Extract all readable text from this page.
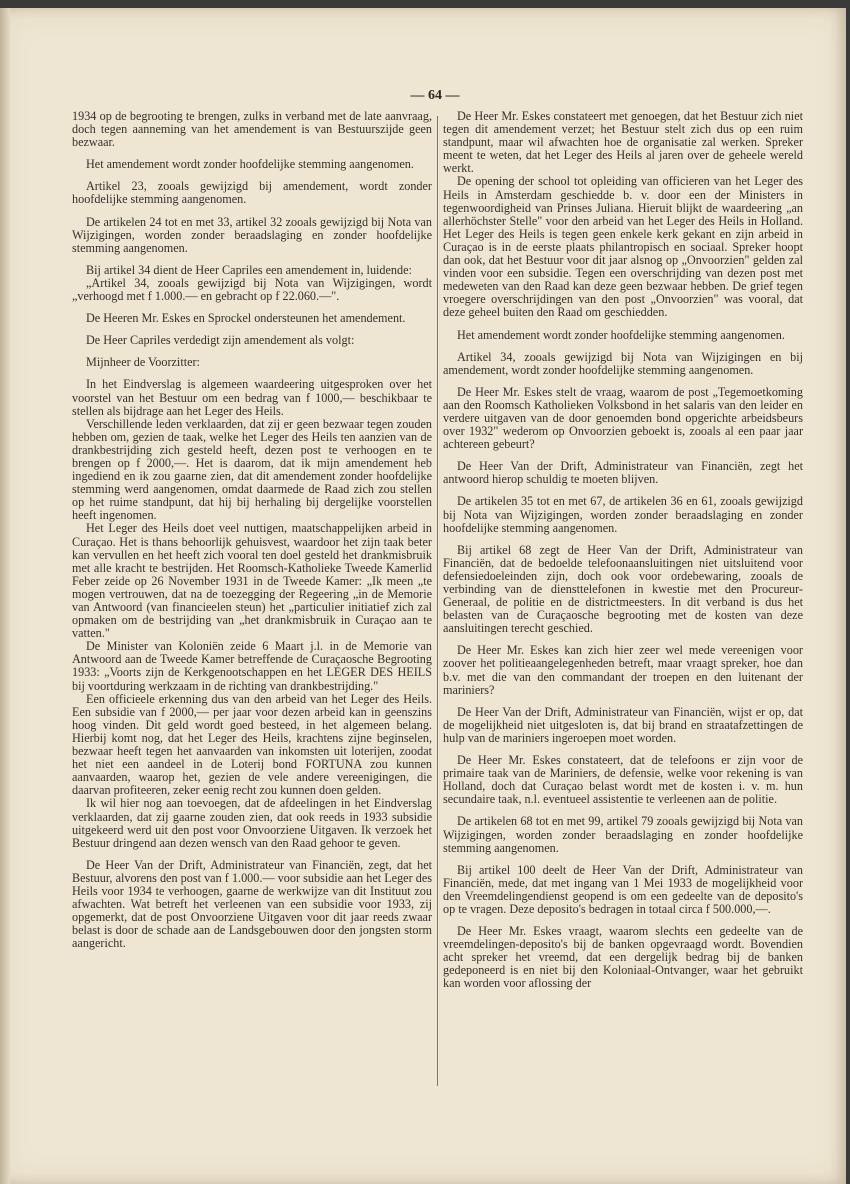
— 64 —

1934 op de begrooting te brengen, zulks in verband met de late aanvraag, doch tegen aanneming van het amendement is van Bestuurszijde geen bezwaar.

Het amendement wordt zonder hoofdelijke stemming aangenomen.

Artikel 23, zooals gewijzigd bij amendement, wordt zonder hoofdelijke stemming aangenomen.

De artikelen 24 tot en met 33, artikel 32 zooals gewijzigd bij Nota van Wijzigingen, worden zonder beraadslaging en zonder hoofdelijke stemming aangenomen.

Bij artikel 34 dient de Heer Capriles een amendement in, luidende:

„Artikel 34, zooals gewijzigd bij Nota van Wijzigingen, wordt „verhoogd met f 1.000.— en gebracht op f 22.060.—".

De Heeren Mr. Eskes en Sprockel ondersteunen het amendement.

De Heer Capriles verdedigt zijn amendement als volgt:

Mijnheer de Voorzitter:

In het Eindverslag is algemeen waardeering uitgesproken over het voorstel van het Bestuur om een bedrag van f 1000,— beschikbaar te stellen als bijdrage aan het Leger des Heils.

Verschillende leden verklaarden, dat zij er geen bezwaar tegen zouden hebben om, gezien de taak, welke het Leger des Heils ten aanzien van de drankbestrijding zich gesteld heeft, dezen post te verhoogen en te brengen op f 2000,—. Het is daarom, dat ik mijn amendement heb ingediend en ik zou gaarne zien, dat dit amendement zonder hoofdelijke stemming werd aangenomen, omdat daarmede de Raad zich zou stellen op het ruime standpunt, dat hij bij herhaling bij dergelijke voorstellen heeft ingenomen.

Het Leger des Heils doet veel nuttigen, maatschappelijken arbeid in Curaçao. Het is thans behoorlijk gehuisvest, waardoor het zijn taak beter kan vervullen en het heeft zich vooral ten doel gesteld het drankmisbruik met alle kracht te bestrijden. Het Roomsch-Katholieke Tweede Kamerlid Feber zeide op 26 November 1931 in de Tweede Kamer: „Ik meen „te mogen vertrouwen, dat na de toezegging der Regeering „in de Memorie van Antwoord (van financieelen steun) het „particulier initiatief zich zal opmaken om de bestrijding van „het drankmisbruik in Curaçao aan te vatten."

De Minister van Koloniën zeide 6 Maart j.l. in de Memorie van Antwoord aan de Tweede Kamer betreffende de Curaçaosche Begrooting 1933: „Voorts zijn de Kerkgenootschappen en het LEGER DES HEILS bij voortduring werkzaam in de richting van drankbestrijding."

Een officieele erkenning dus van den arbeid van het Leger des Heils. Een subsidie van f 2000,— per jaar voor dezen arbeid kan in geenszins hoog vinden. Dit geld wordt goed besteed, in het algemeen belang. Hierbij komt nog, dat het Leger des Heils, krachtens zijne beginselen, bezwaar heeft tegen het aanvaarden van inkomsten uit loterijen, zoodat het niet een aandeel in de Loterij bond FORTUNA zou kunnen aanvaarden, waarop het, gezien de vele andere vereenigingen, die daarvan profiteeren, zeker eenig recht zou kunnen doen gelden.

Ik wil hier nog aan toevoegen, dat de afdeelingen in het Eindverslag verklaarden, dat zij gaarne zouden zien, dat ook reeds in 1933 subsidie uitgekeerd werd uit den post voor Onvoorziene Uitgaven. Ik verzoek het Bestuur dringend aan dezen wensch van den Raad gehoor te geven.

De Heer Van der Drift, Administrateur van Financiën, zegt, dat het Bestuur, alvorens den post van f 1.000.— voor subsidie aan het Leger des Heils voor 1934 te verhoogen, gaarne de werkwijze van dit Instituut zou afwachten. Wat betreft het verleenen van een subsidie voor 1933, zij opgemerkt, dat de post Onvoorziene Uitgaven voor dit jaar reeds zwaar belast is door de schade aan de Landsgebouwen door den jongsten storm aangericht.

De Heer Mr. Eskes constateert met genoegen, dat het Bestuur zich niet tegen dit amendement verzet; het Bestuur stelt zich dus op een ruim standpunt, maar wil afwachten hoe de organisatie zal werken. Spreker meent te weten, dat het Leger des Heils al jaren over de geheele wereld werkt.

De opening der school tot opleiding van officieren van het Leger des Heils in Amsterdam geschiedde b. v. door een der Ministers in tegenwoordigheid van Prinses Juliana. Hieruit blijkt de waardeering „an allerhöchster Stelle" voor den arbeid van het Leger des Heils in Holland. Het Leger des Heils is tegen geen enkele kerk gekant en zijn arbeid in Curaçao is in de eerste plaats philantropisch en sociaal. Spreker hoopt dan ook, dat het Bestuur voor dit jaar alsnog op „Onvoorzien" gelden zal vinden voor een subsidie. Tegen een overschrijding van dezen post met medeweten van den Raad kan deze geen bezwaar hebben. De grief tegen vroegere overschrijdingen van den post „Onvoorzien" was vooral, dat deze geheel buiten den Raad om geschiedden.

Het amendement wordt zonder hoofdelijke stemming aangenomen.

Artikel 34, zooals gewijzigd bij Nota van Wijzigingen en bij amendement, wordt zonder hoofdelijke stemming aangenomen.

De Heer Mr. Eskes stelt de vraag, waarom de post „Tegemoetkoming aan den Roomsch Katholieken Volksbond in het salaris van den leider en verdere uitgaven van de door genoemden bond opgerichte arbeidsbeurs over 1932" wederom op Onvoorzien geboekt is, zooals al een paar jaar achtereen gebeurt?

De Heer Van der Drift, Administrateur van Financiën, zegt het antwoord hierop schuldig te moeten blijven.

De artikelen 35 tot en met 67, de artikelen 36 en 61, zooals gewijzigd bij Nota van Wijzigingen, worden zonder beraadslaging en zonder hoofdelijke stemming aangenomen.

Bij artikel 68 zegt de Heer Van der Drift, Administrateur van Financiën, dat de bedoelde telefoonaansluitingen niet uitsluitend voor defensiedoeleinden zijn, doch ook voor ordebewaring, zooals de verbinding van de diensttelefonen in kwestie met den Procureur-Generaal, de politie en de districtmeesters. In dit verband is dus het belasten van de Curaçaosche begrooting met de kosten van deze aansluitingen terecht geschied.

De Heer Mr. Eskes kan zich hier zeer wel mede vereenigen voor zoover het politieaangelegenheden betreft, maar vraagt spreker, hoe dan b.v. met die van den commandant der troepen en den luitenant der mariniers?

De Heer Van der Drift, Administrateur van Financiën, wijst er op, dat de mogelijkheid niet uitgesloten is, dat bij brand en straatafzettingen de hulp van de mariniers ingeroepen moet worden.

De Heer Mr. Eskes constateert, dat de telefoons er zijn voor de primaire taak van de Mariniers, de defensie, welke voor rekening is van Holland, doch dat Curaçao belast wordt met de kosten i. v. m. hun secundaire taak, n.l. eventueel assistentie te verleenen aan de politie.

De artikelen 68 tot en met 99, artikel 79 zooals gewijzigd bij Nota van Wijzigingen, worden zonder beraadslaging en zonder hoofdelijke stemming aangenomen.

Bij artikel 100 deelt de Heer Van der Drift, Administrateur van Financiën, mede, dat met ingang van 1 Mei 1933 de mogelijkheid voor den Vreemdelingendienst geopend is om een gedeelte van de deposito's op te vragen. Deze deposito's bedragen in totaal circa f 500.000,—.

De Heer Mr. Eskes vraagt, waarom slechts een gedeelte van de vreemdelingen-deposito's bij de banken opgevraagd wordt. Bovendien acht spreker het vreemd, dat een dergelijk bedrag bij de banken gedeponeerd is en niet bij den Koloniaal-Ontvanger, waar het gebruikt kan worden voor aflossing der
